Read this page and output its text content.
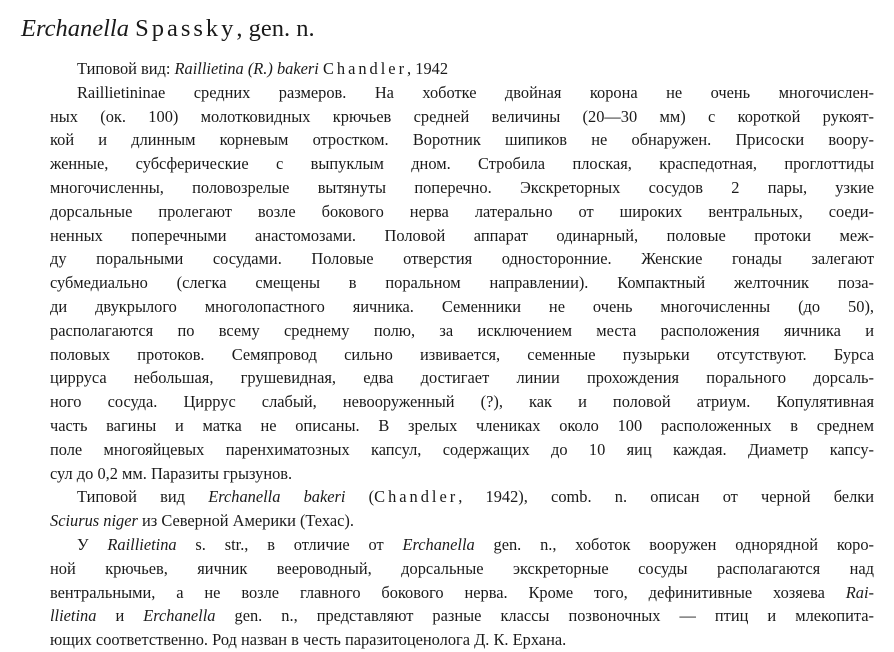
Erchanella Spassky, gen. n.
Типовой вид: Raillietina (R.) bakeri Chandler, 1942
Raillietininae средних размеров. На хоботке двойная корона не очень многочислен-
ных (ок. 100) молотковидных крючьев средней величины (20—30 мм) с короткой рукоят-
кой и длинным корневым отростком. Воротник шипиков не обнаружен. Присоски воору-
женные, субсферические с выпуклым дном. Стробила плоская, краспедотная, проглоттиды
многочисленны, половозрелые вытянуты поперечно. Экскреторных сосудов 2 пары, узкие
дорсальные пролегают возле бокового нерва латерально от широких вентральных, соеди-
ненных поперечными анастомозами. Половой аппарат одинарный, половые протоки меж-
ду поральными сосудами. Половые отверстия односторонние. Женские гонады залегают
субмедиально (слегка смещены в поральном направлении). Компактный желточник поза-
ди двукрылого многолопастного яичника. Семенники не очень многочисленны (до 50),
располагаются по всему среднему полю, за исключением места расположения яичника и
половых протоков. Семяпровод сильно извивается, семенные пузырьки отсутствуют. Бурса
цирруса небольшая, грушевидная, едва достигает линии прохождения порального дорсаль-
ного сосуда. Циррус слабый, невооруженный (?), как и половой атриум. Копулятивная
часть вагины и матка не описаны. В зрелых члениках около 100 расположенных в среднем
поле многояйцевых паренхиматозных капсул, содержащих до 10 яиц каждая. Диаметр капсу-
сул до 0,2 мм. Паразиты грызунов.
Типовой вид Erchanella bakeri (Chandler, 1942), comb. n. описан от черной белки
Sciurus niger из Северной Америки (Техас).
У Raillietina s. str., в отличие от Erchanella gen. n., хоботок вооружен однорядной коро-
ной крючьев, яичник веероводный, дорсальные экскреторные сосуды располагаются над
вентральными, а не возле главного бокового нерва. Кроме того, дефинитивные хозяева Rai-
llietina и Erchanella gen. n., представляют разные классы позвоночных — птиц и млекопита-
ющих соответственно. Род назван в честь паразитоценолога Д. К. Ерхана.
